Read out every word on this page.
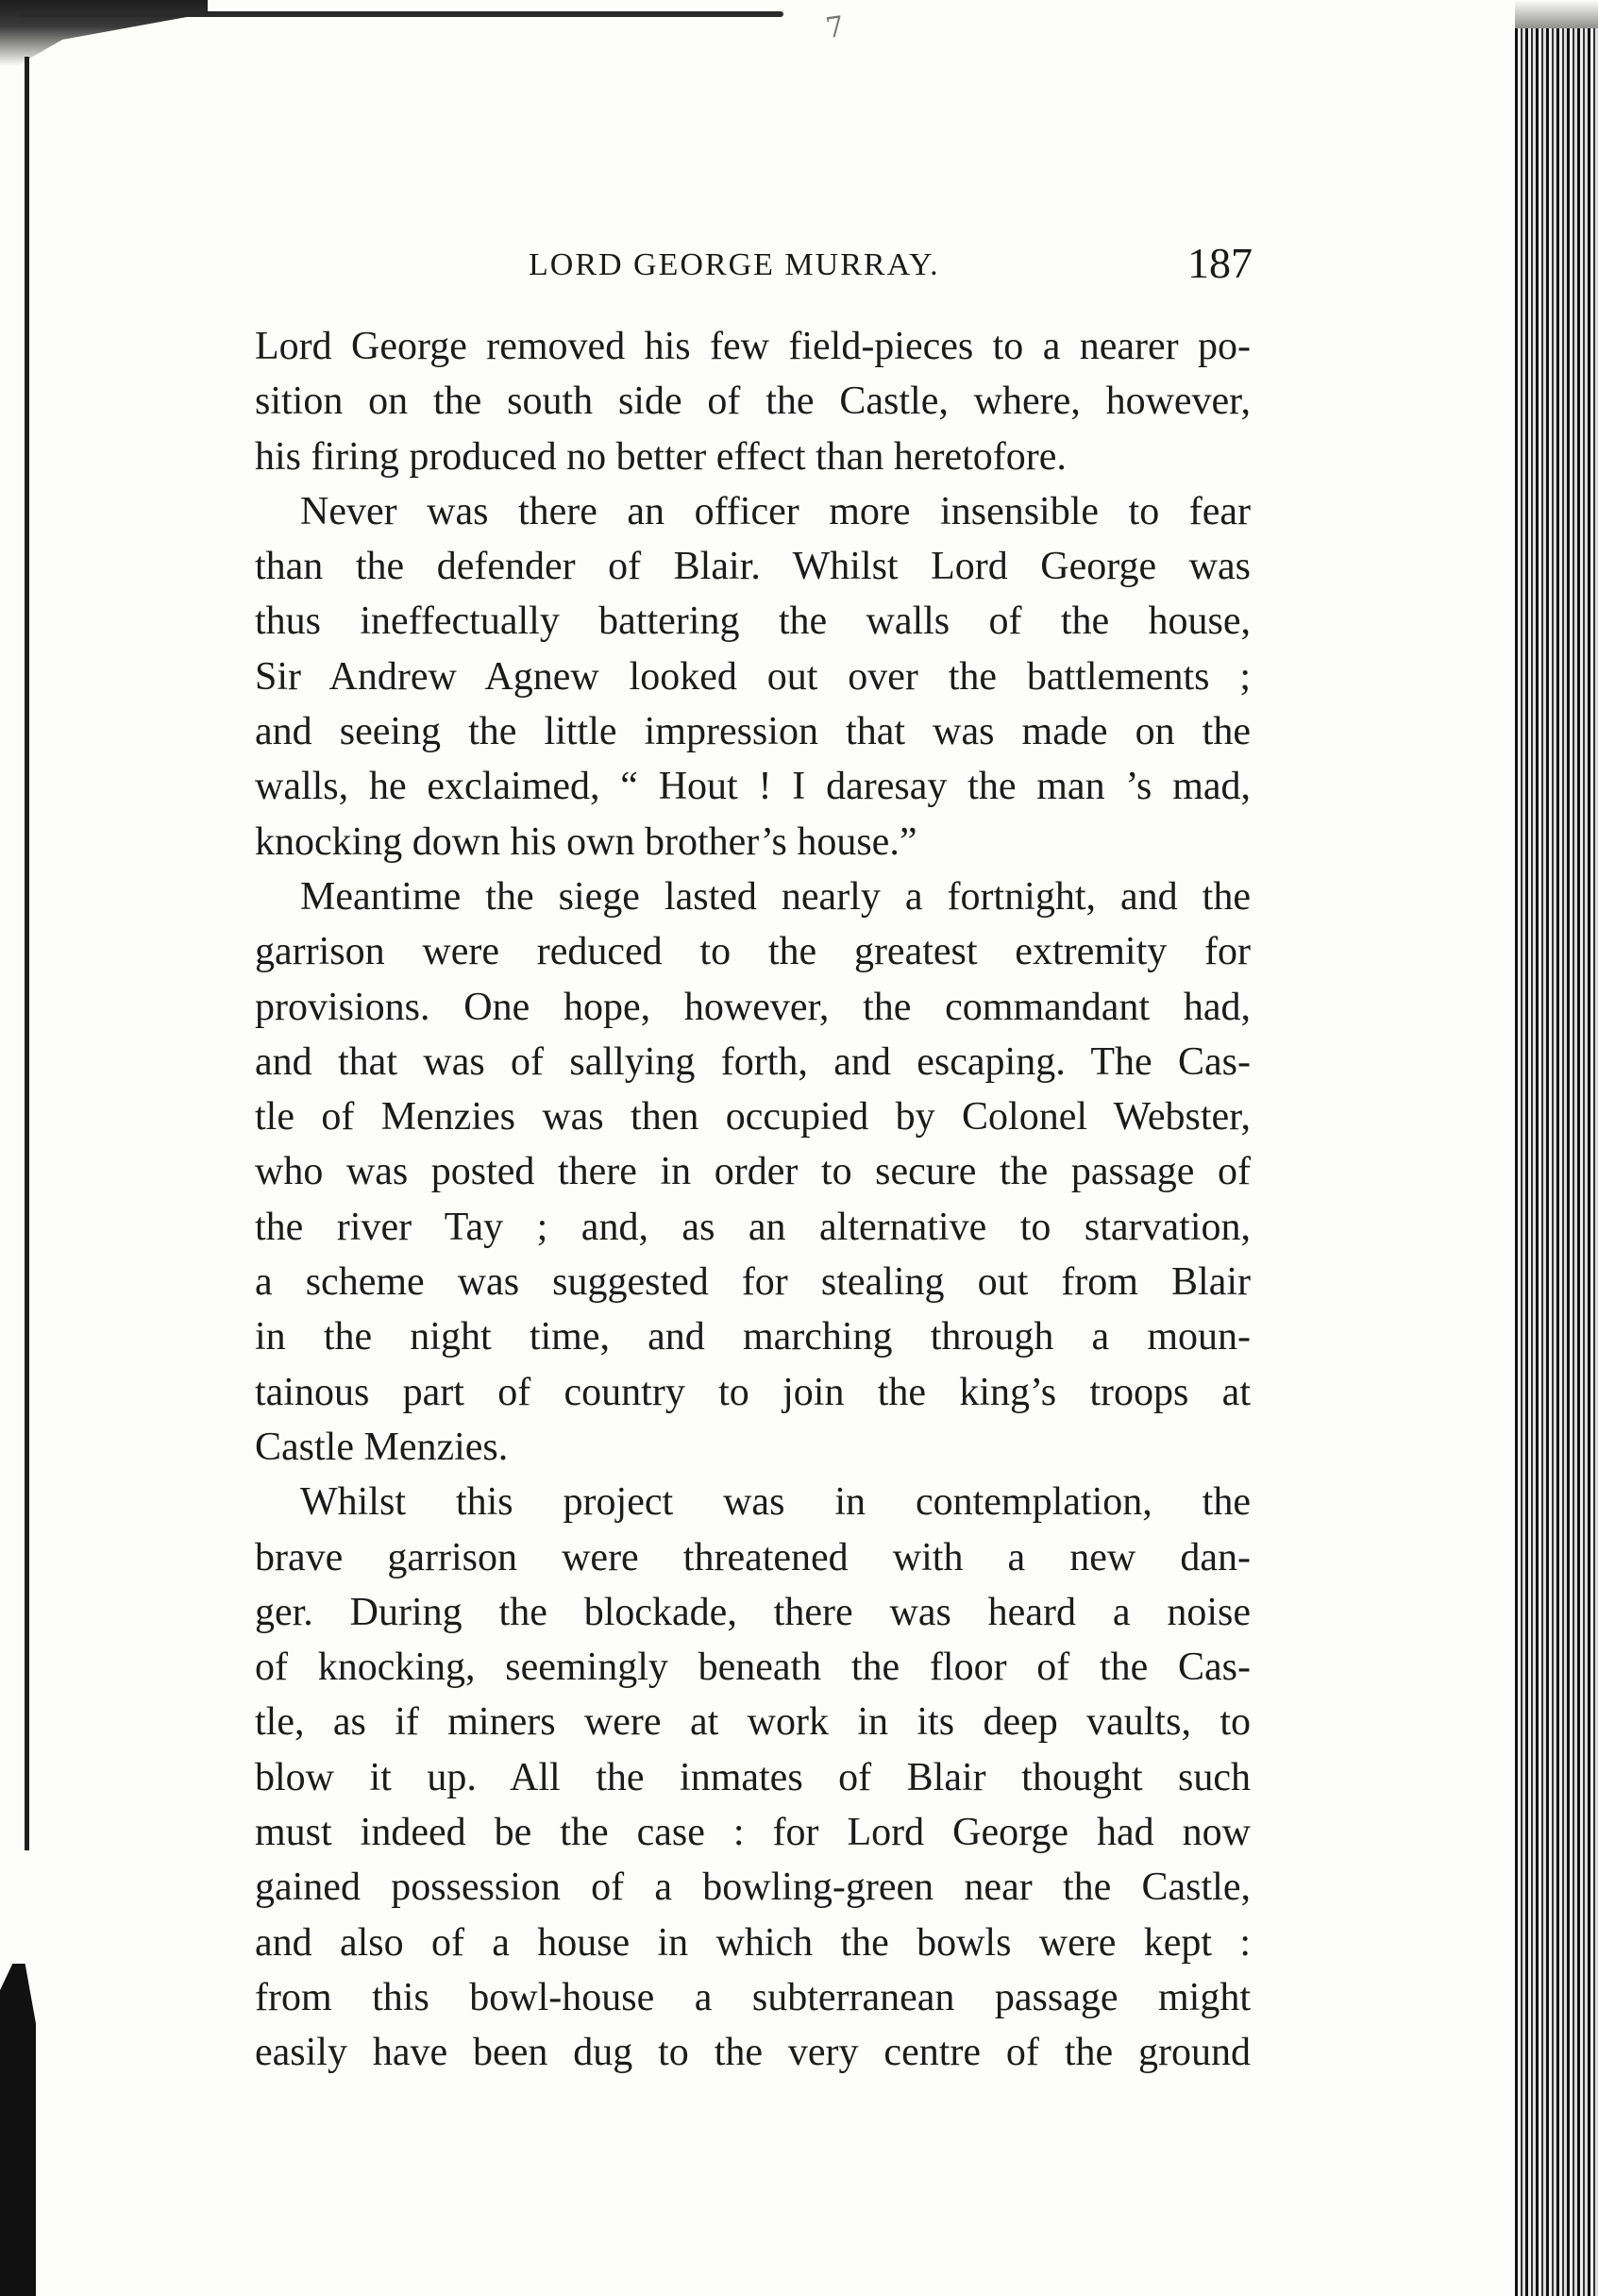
7
LORD GEORGE MURRAY.	187
Lord George removed his few field-pieces to a nearer po-
sition on the south side of the Castle, where, however,
his firing produced no better effect than heretofore.
Never was there an officer more insensible to fear
than the defender of Blair. Whilst Lord George was
thus ineffectually battering the walls of the house,
Sir Andrew Agnew looked out over the battlements ;
and seeing the little impression that was made on the
walls, he exclaimed, “ Hout ! I daresay the man ’s mad,
knocking down his own brother’s house.”
Meantime the siege lasted nearly a fortnight, and the
garrison were reduced to the greatest extremity for
provisions. One hope, however, the commandant had,
and that was of sallying forth, and escaping. The Cas-
tle of Menzies was then occupied by Colonel Webster,
who was posted there in order to secure the passage of
the river Tay ; and, as an alternative to starvation,
a scheme was suggested for stealing out from Blair
in the night time, and marching through a moun-
tainous part of country to join the king’s troops at
Castle Menzies.
Whilst this project was in contemplation, the
brave garrison were threatened with a new dan-
ger. During the blockade, there was heard a noise
of knocking, seemingly beneath the floor of the Cas-
tle, as if miners were at work in its deep vaults, to
blow it up. All the inmates of Blair thought such
must indeed be the case : for Lord George had now
gained possession of a bowling-green near the Castle,
and also of a house in which the bowls were kept :
from this bowl-house a subterranean passage might
easily have been dug to the very centre of the ground
